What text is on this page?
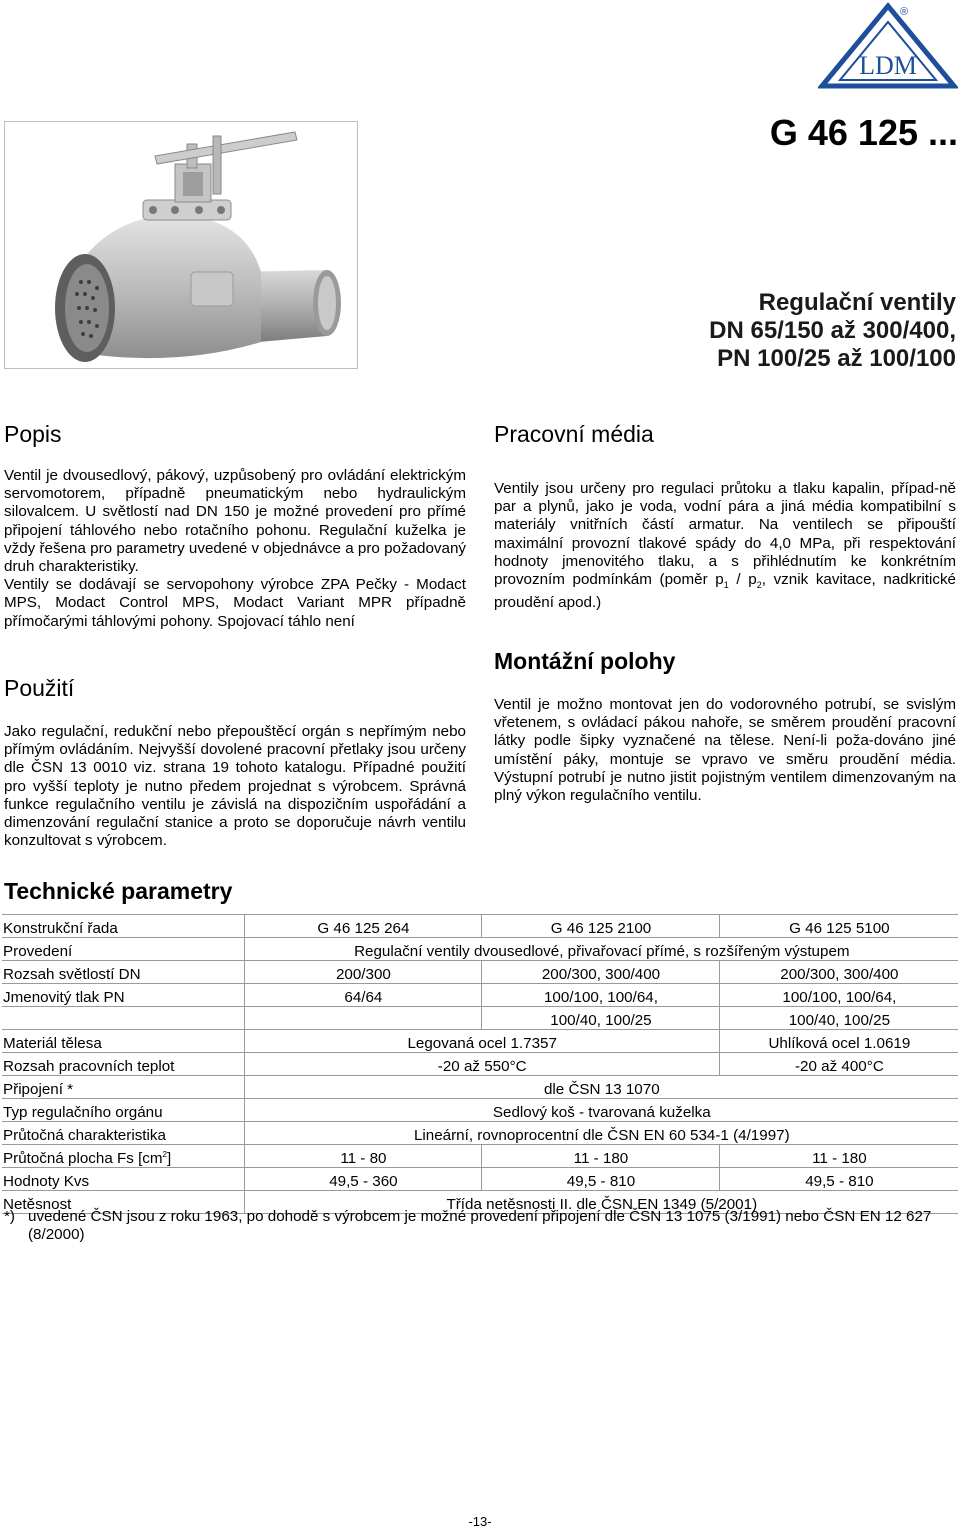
LDM
®
G 46 125 ...
Regulační ventily
DN 65/150 až 300/400,
PN 100/25 až 100/100
Popis

Ventil je dvousedlový, pákový, uzpůsobený pro ovládání elektrickým servomotorem, případně pneumatickým nebo hydraulickým silovalcem. U světlostí nad DN 150 je možné provedení pro přímé připojení táhlového nebo rotačního pohonu. Regulační kuželka je vždy řešena pro parametry uvedené v objednávce a pro požadovaný druh charakteristiky.

Ventily se dodávají se servopohony výrobce ZPA Pečky - Modact MPS, Modact Control MPS, Modact Variant MPR případně přímočarými táhlovými pohony. Spojovací táhlo není

Použití

Jako regulační, redukční nebo přepouštěcí orgán s nepřímým nebo přímým ovládáním. Nejvyšší dovolené pracovní přetlaky jsou určeny dle ČSN 13 0010 viz. strana 19 tohoto katalogu. Případné použití pro vyšší teploty je nutno předem projednat s výrobcem. Správná funkce regulačního ventilu je závislá na dispozičním uspořádání a dimenzování regulační stanice a proto se doporučuje návrh ventilu konzultovat s výrobcem.

Pracovní média

Ventily jsou určeny pro regulaci průtoku a tlaku kapalin, případ-ně par a plynů, jako je voda, vodní pára a jiná média kompatibilní s materiály vnitřních částí armatur. Na ventilech se připouští maximální provozní tlakové spády do 4,0 MPa, při respektování hodnoty jmenovitého tlaku, a s přihlédnutím ke konkrétním provozním podmínkám (poměr $p_1 / p_2$, vznik kavitace, nadkritické proudění apod.)

Montážní polohy

Ventil je možno montovat jen do vodorovného potrubí, se svislým vřetenem, s ovládací pákou nahoře, se směrem proudění pracovní látky podle šipky vyznačené na tělese. Není-li poža-dováno jiné umístění páky, montuje se vpravo ve směru proudění média. Výstupní potrubí je nutno jistit pojistným ventilem dimenzovaným na plný výkon regulačního ventilu.

Technické parametry
Konstrukční řada	G 46 125 264	G 46 125 2100	G 46 125 5100
Provedení	Regulační ventily dvousedlové, přivařovací přímé, s rozšířeným výstupem		
Rozsah světlostí DN	200/300	200/300, 300/400	200/300, 300/400
Jmenovitý tlak PN	64/64	100/100, 100/64,	100/100, 100/64,
		100/40, 100/25	100/40, 100/25
Materiál tělesa	Legovaná ocel 1.7357		Uhlíková ocel 1.0619
Rozsah pracovních teplot	-20 až 550°C		-20 až 400°C
Připojení *	dle ČSN 13 1070		
Typ regulačního orgánu	Sedlový koš - tvarovaná kuželka		
Průtočná charakteristika	Lineární, rovnoprocentní dle ČSN EN 60 534-1 (4/1997)		
Průtočná plocha Fs $[cm^2]$	11 - 80	11 - 180	11 - 180
Hodnoty Kvs	49,5 - 360	49,5 - 810	49,5 - 810
Netěsnost	Třída netěsnosti II. dle ČSN EN 1349 (5/2001)		
*) uvedené ČSN jsou z roku 1963, po dohodě s výrobcem je možné provedení připojení dle ČSN 13 1075 (3/1991) nebo ČSN EN 12 627 (8/2000)
-13-
